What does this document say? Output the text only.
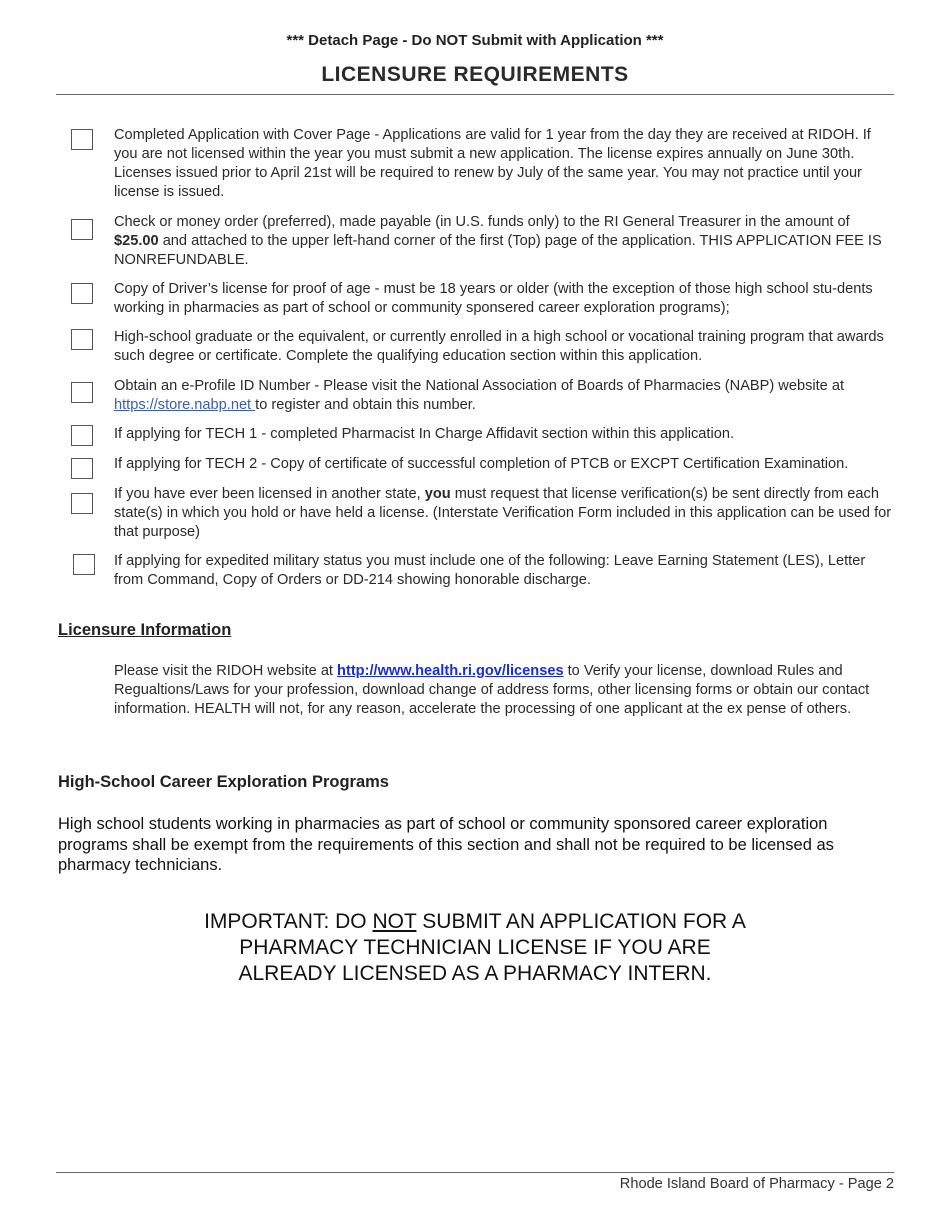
*** Detach Page - Do NOT Submit with Application ***
LICENSURE REQUIREMENTS
Completed Application with Cover Page - Applications are valid for 1 year from the day they are received at RIDOH. If you are not licensed within the year you must submit a new application. The license expires annually on June 30th. Licenses issued prior to April 21st will be required to renew by July of the same year. You may not practice until your license is issued.
Check or money order (preferred), made payable (in U.S. funds only) to the RI General Treasurer in the amount of $25.00 and attached to the upper left-hand corner of the first (Top) page of the application. THIS APPLICATION FEE IS NONREFUNDABLE.
Copy of Driver’s license for proof of age - must be 18 years or older (with the exception of those high school stu-dents working in pharmacies as part of school or community sponsered career exploration programs);
High-school graduate or the equivalent, or currently enrolled in a high school or vocational training program that awards such degree or certificate. Complete the qualifying education section within this application.
Obtain an e-Profile ID Number - Please visit the National Association of Boards of Pharmacies (NABP) website at https://store.nabp.net to register and obtain this number.
If applying for TECH 1 - completed Pharmacist In Charge Affidavit section within this application.
If applying for TECH 2 - Copy of certificate of successful completion of PTCB or EXCPT Certification Examination.
If you have ever been licensed in another state, you must request that license verification(s) be sent directly from each state(s) in which you hold or have held a license. (Interstate Verification Form included in this application can be used for that purpose)
If applying for expedited military status you must include one of the following: Leave Earning Statement (LES), Letter from Command, Copy of Orders or DD-214 showing honorable discharge.
Licensure Information
Please visit the RIDOH website at http://www.health.ri.gov/licenses to Verify your license, download Rules and Regualtions/Laws for your profession, download change of address forms, other licensing forms or obtain our contact information. HEALTH will not, for any reason, accelerate the processing of one applicant at the ex pense of others.
High-School Career Exploration Programs
High school students working in pharmacies as part of school or community sponsored career exploration programs shall be exempt from the requirements of this section and shall not be required to be licensed as pharmacy technicians.
IMPORTANT: DO NOT SUBMIT AN APPLICATION FOR A
PHARMACY TECHNICIAN LICENSE IF YOU ARE
ALREADY LICENSED AS A PHARMACY INTERN.
Rhode Island Board of Pharmacy - Page 2
